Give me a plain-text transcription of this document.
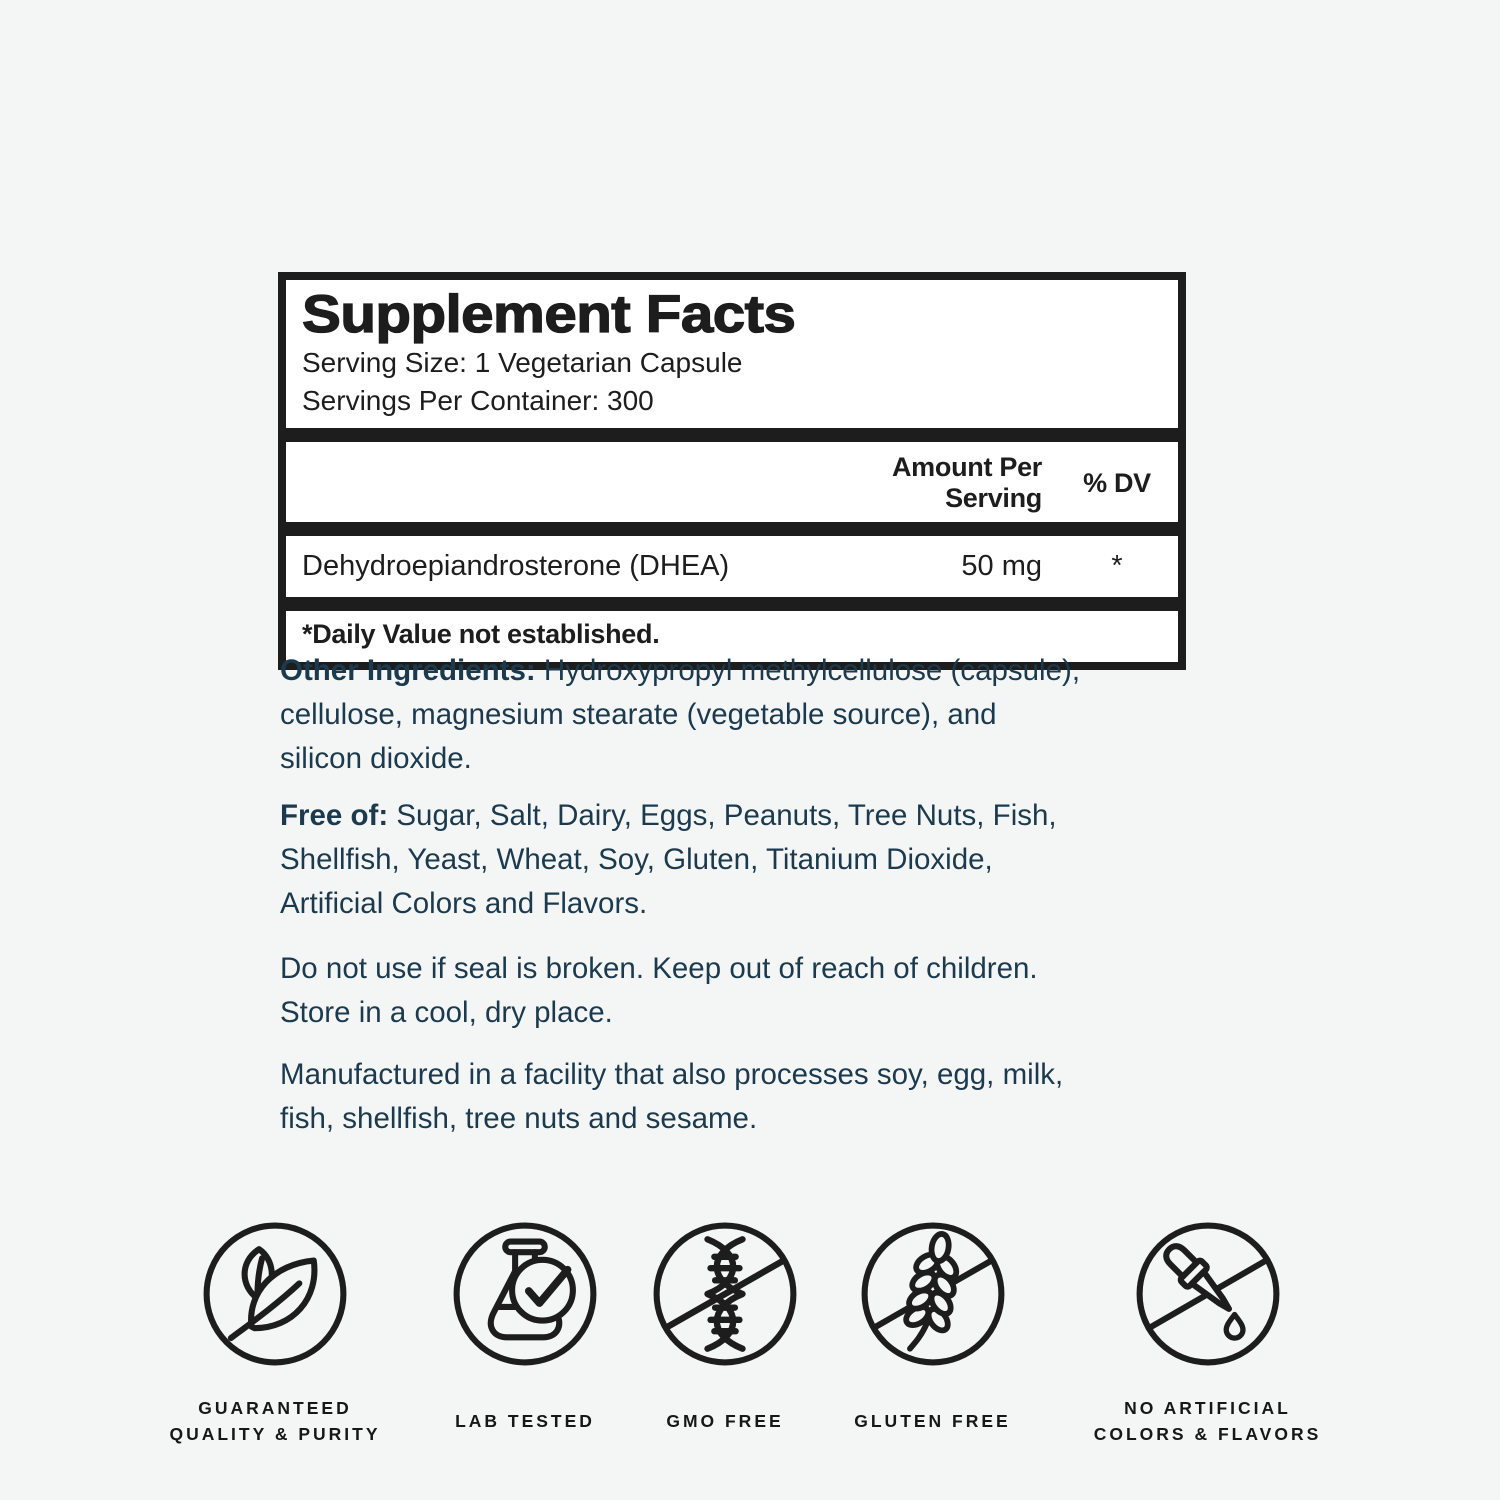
Supplement Facts
Serving Size: 1 Vegetarian Capsule
Servings Per Container: 300
Amount Per Serving
% DV
Dehydroepiandrosterone (DHEA)	50 mg	*
*Daily Value not established.

Other Ingredients: Hydroxypropyl methylcellulose (capsule),
cellulose, magnesium stearate (vegetable source), and
silicon dioxide.

Free of: Sugar, Salt, Dairy, Eggs, Peanuts, Tree Nuts, Fish,
Shellfish, Yeast, Wheat, Soy, Gluten, Titanium Dioxide,
Artificial Colors and Flavors.

Do not use if seal is broken. Keep out of reach of children.
Store in a cool, dry place.

Manufactured in a facility that also processes soy, egg, milk,
fish, shellfish, tree nuts and sesame.

GUARANTEED
QUALITY & PURITY
LAB TESTED	GMO FREE	GLUTEN FREE
NO ARTIFICIAL
COLORS & FLAVORS
